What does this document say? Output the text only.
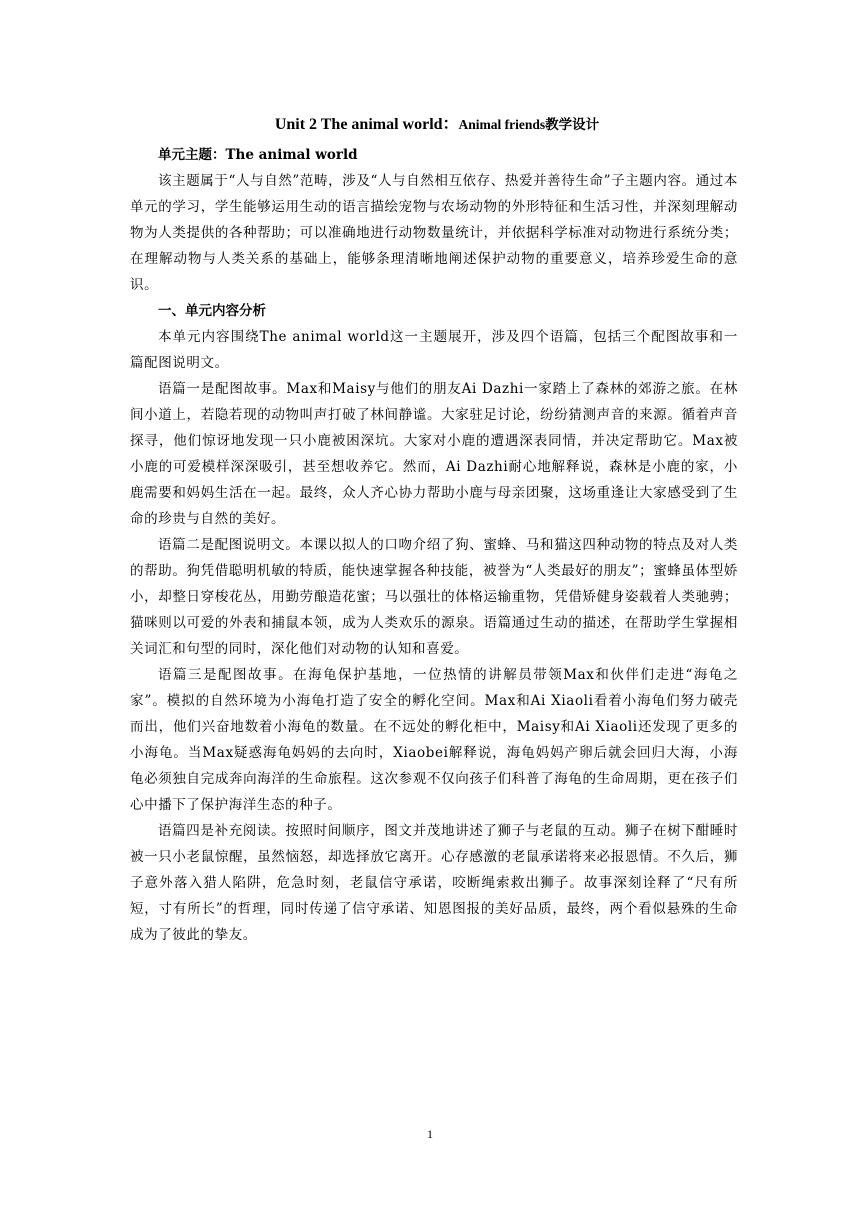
Unit 2 The animal world：Animal friends教学设计

单元主题：The animal world

该主题属于“人与自然”范畴，涉及“人与自然相互依存、热爱并善待生命”子主题内容。通过本单元的学习，学生能够运用生动的语言描绘宠物与农场动物的外形特征和生活习性，并深刻理解动物为人类提供的各种帮助；可以准确地进行动物数量统计，并依据科学标准对动物进行系统分类；在理解动物与人类关系的基础上，能够条理清晰地阐述保护动物的重要意义，培养珍爱生命的意识。

一、单元内容分析

本单元内容围绕The animal world这一主题展开，涉及四个语篇，包括三个配图故事和一篇配图说明文。

语篇一是配图故事。Max和Maisy与他们的朋友Ai Dazhi一家踏上了森林的郊游之旅。在林间小道上，若隐若现的动物叫声打破了林间静谧。大家驻足讨论，纷纷猜测声音的来源。循着声音探寻，他们惊讶地发现一只小鹿被困深坑。大家对小鹿的遭遇深表同情，并决定帮助它。Max被小鹿的可爱模样深深吸引，甚至想收养它。然而，Ai Dazhi耐心地解释说，森林是小鹿的家，小鹿需要和妈妈生活在一起。最终，众人齐心协力帮助小鹿与母亲团聚，这场重逢让大家感受到了生命的珍贵与自然的美好。

语篇二是配图说明文。本课以拟人的口吻介绍了狗、蜜蜂、马和猫这四种动物的特点及对人类的帮助。狗凭借聪明机敏的特质，能快速掌握各种技能，被誉为“人类最好的朋友”；蜜蜂虽体型娇小，却整日穿梭花丛，用勤劳酿造花蜜；马以强壮的体格运输重物，凭借矫健身姿载着人类驰骋；猫咪则以可爱的外表和捕鼠本领，成为人类欢乐的源泉。语篇通过生动的描述，在帮助学生掌握相关词汇和句型的同时，深化他们对动物的认知和喜爱。

语篇三是配图故事。在海龟保护基地，一位热情的讲解员带领Max和伙伴们走进“海龟之家”。模拟的自然环境为小海龟打造了安全的孵化空间。Max和Ai Xiaoli看着小海龟们努力破壳而出，他们兴奋地数着小海龟的数量。在不远处的孵化柜中，Maisy和Ai Xiaoli还发现了更多的小海龟。当Max疑惑海龟妈妈的去向时，Xiaobei解释说，海龟妈妈产卵后就会回归大海，小海龟必须独自完成奔向海洋的生命旅程。这次参观不仅向孩子们科普了海龟的生命周期，更在孩子们心中播下了保护海洋生态的种子。

语篇四是补充阅读。按照时间顺序，图文并茂地讲述了狮子与老鼠的互动。狮子在树下酣睡时被一只小老鼠惊醒，虽然恼怒，却选择放它离开。心存感激的老鼠承诺将来必报恩情。不久后，狮子意外落入猎人陷阱，危急时刻，老鼠信守承诺，咬断绳索救出狮子。故事深刻诠释了“尺有所短，寸有所长”的哲理，同时传递了信守承诺、知恩图报的美好品质，最终，两个看似悬殊的生命成为了彼此的挚友。

1
